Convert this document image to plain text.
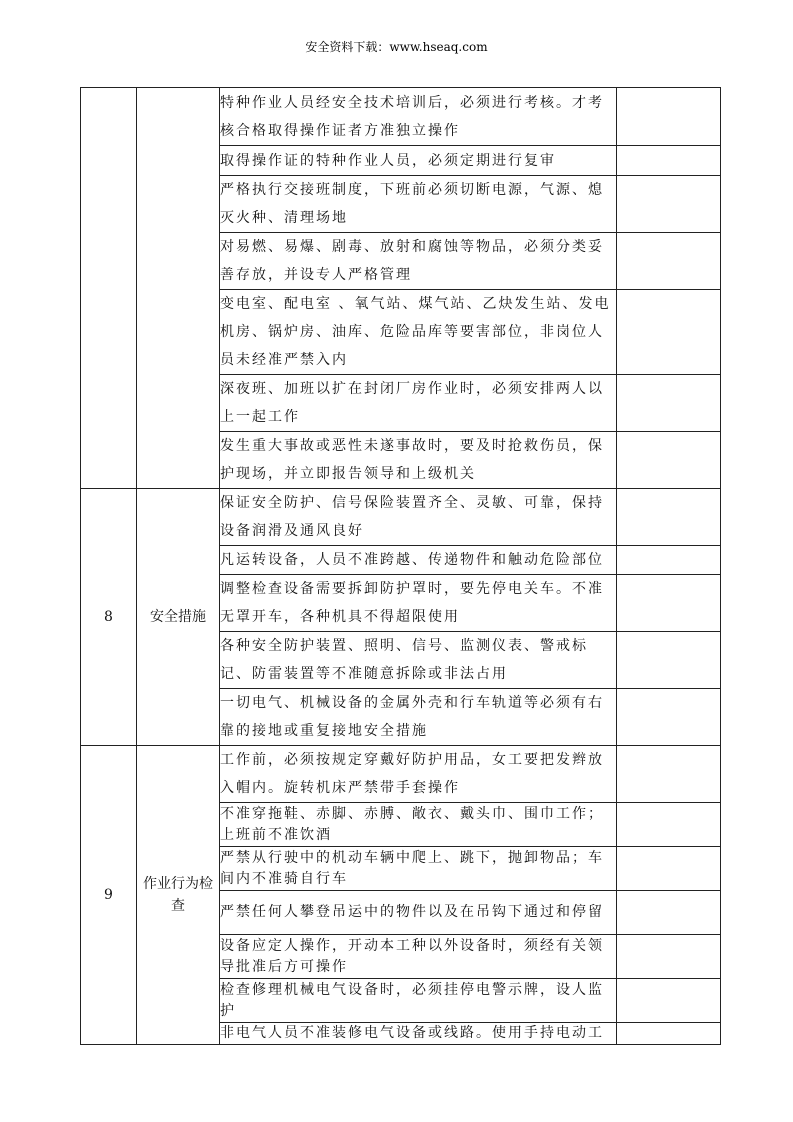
安全资料下载：www.hseaq.com
		特种作业人员经安全技术培训后，必须进行考核。才考核合格取得操作证者方准独立操作	
		取得操作证的特种作业人员，必须定期进行复审	
		严格执行交接班制度，下班前必须切断电源，气源、熄灭火种、清理场地	
		对易燃、易爆、剧毒、放射和腐蚀等物品，必须分类妥善存放，并设专人严格管理	
		变电室、配电室 、氧气站、煤气站、乙炔发生站、发电机房、锅炉房、油库、危险品库等要害部位，非岗位人员未经准严禁入内	
		深夜班、加班以扩在封闭厂房作业时，必须安排两人以上一起工作	
		发生重大事故或恶性未遂事故时，要及时抢救伤员，保护现场，并立即报告领导和上级机关	
8	安全措施	保证安全防护、信号保险装置齐全、灵敏、可靠，保持设备润滑及通风良好	
		凡运转设备，人员不准跨越、传递物件和触动危险部位	
		调整检查设备需要拆卸防护罩时，要先停电关车。不准无罩开车，各种机具不得超限使用	
		各种安全防护装置、照明、信号、监测仪表、警戒标记、防雷装置等不准随意拆除或非法占用	
		一切电气、机械设备的金属外壳和行车轨道等必须有右靠的接地或重复接地安全措施	
9	作业行为检查	工作前，必须按规定穿戴好防护用品，女工要把发辫放入帽内。旋转机床严禁带手套操作	
		不准穿拖鞋、赤脚、赤膊、敞衣、戴头巾、围巾工作；上班前不准饮酒	
		严禁从行驶中的机动车辆中爬上、跳下，抛卸物品；车间内不准骑自行车	
		严禁任何人攀登吊运中的物件以及在吊钩下通过和停留	
		设备应定人操作，开动本工种以外设备时，须经有关领导批准后方可操作	
		检查修理机械电气设备时，必须挂停电警示牌，设人监护	
		非电气人员不准装修电气设备或线路。使用手持电动工	
